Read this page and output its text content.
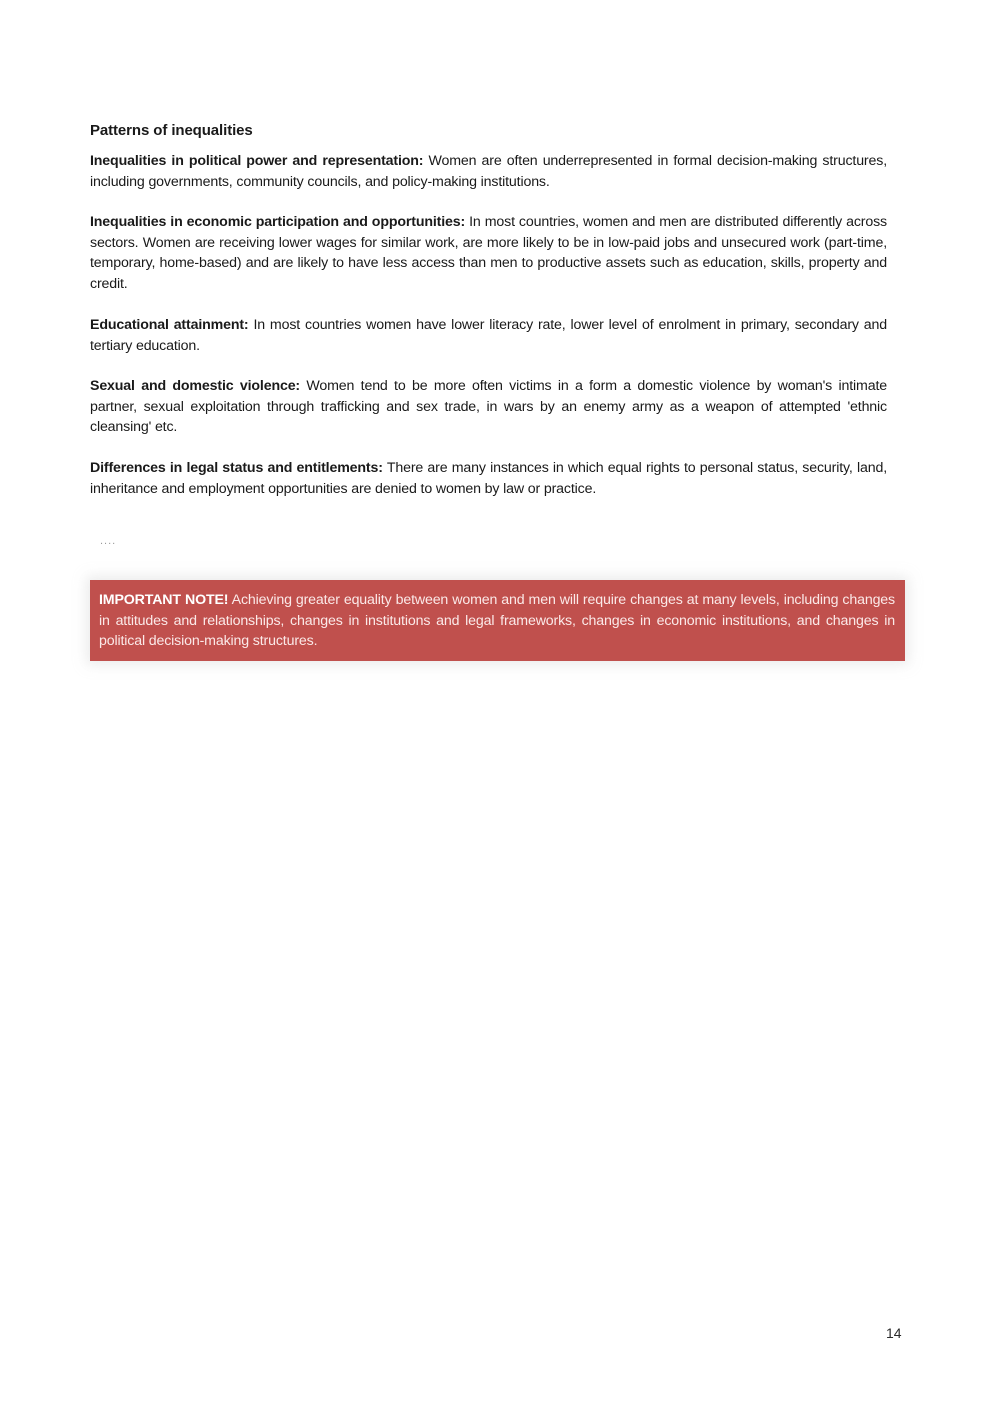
Patterns of inequalities

Inequalities in political power and representation: Women are often underrepresented in formal decision-making structures, including governments, community councils, and policy-making institutions.

Inequalities in economic participation and opportunities: In most countries, women and men are distributed differently across sectors. Women are receiving lower wages for similar work, are more likely to be in low-paid jobs and unsecured work (part-time, temporary, home-based) and are likely to have less access than men to productive assets such as education, skills, property and credit.

Educational attainment: In most countries women have lower literacy rate, lower level of enrolment in primary, secondary and tertiary education.

Sexual and domestic violence: Women tend to be more often victims in a form a domestic violence by woman's intimate partner, sexual exploitation through trafficking and sex trade, in wars by an enemy army as a weapon of attempted 'ethnic cleansing' etc.

Differences in legal status and entitlements: There are many instances in which equal rights to personal status, security, land, inheritance and employment opportunities are denied to women by law or practice.

....
IMPORTANT NOTE! Achieving greater equality between women and men will require changes at many levels, including changes in attitudes and relationships, changes in institutions and legal frameworks, changes in economic institutions, and changes in political decision-making structures.
14
